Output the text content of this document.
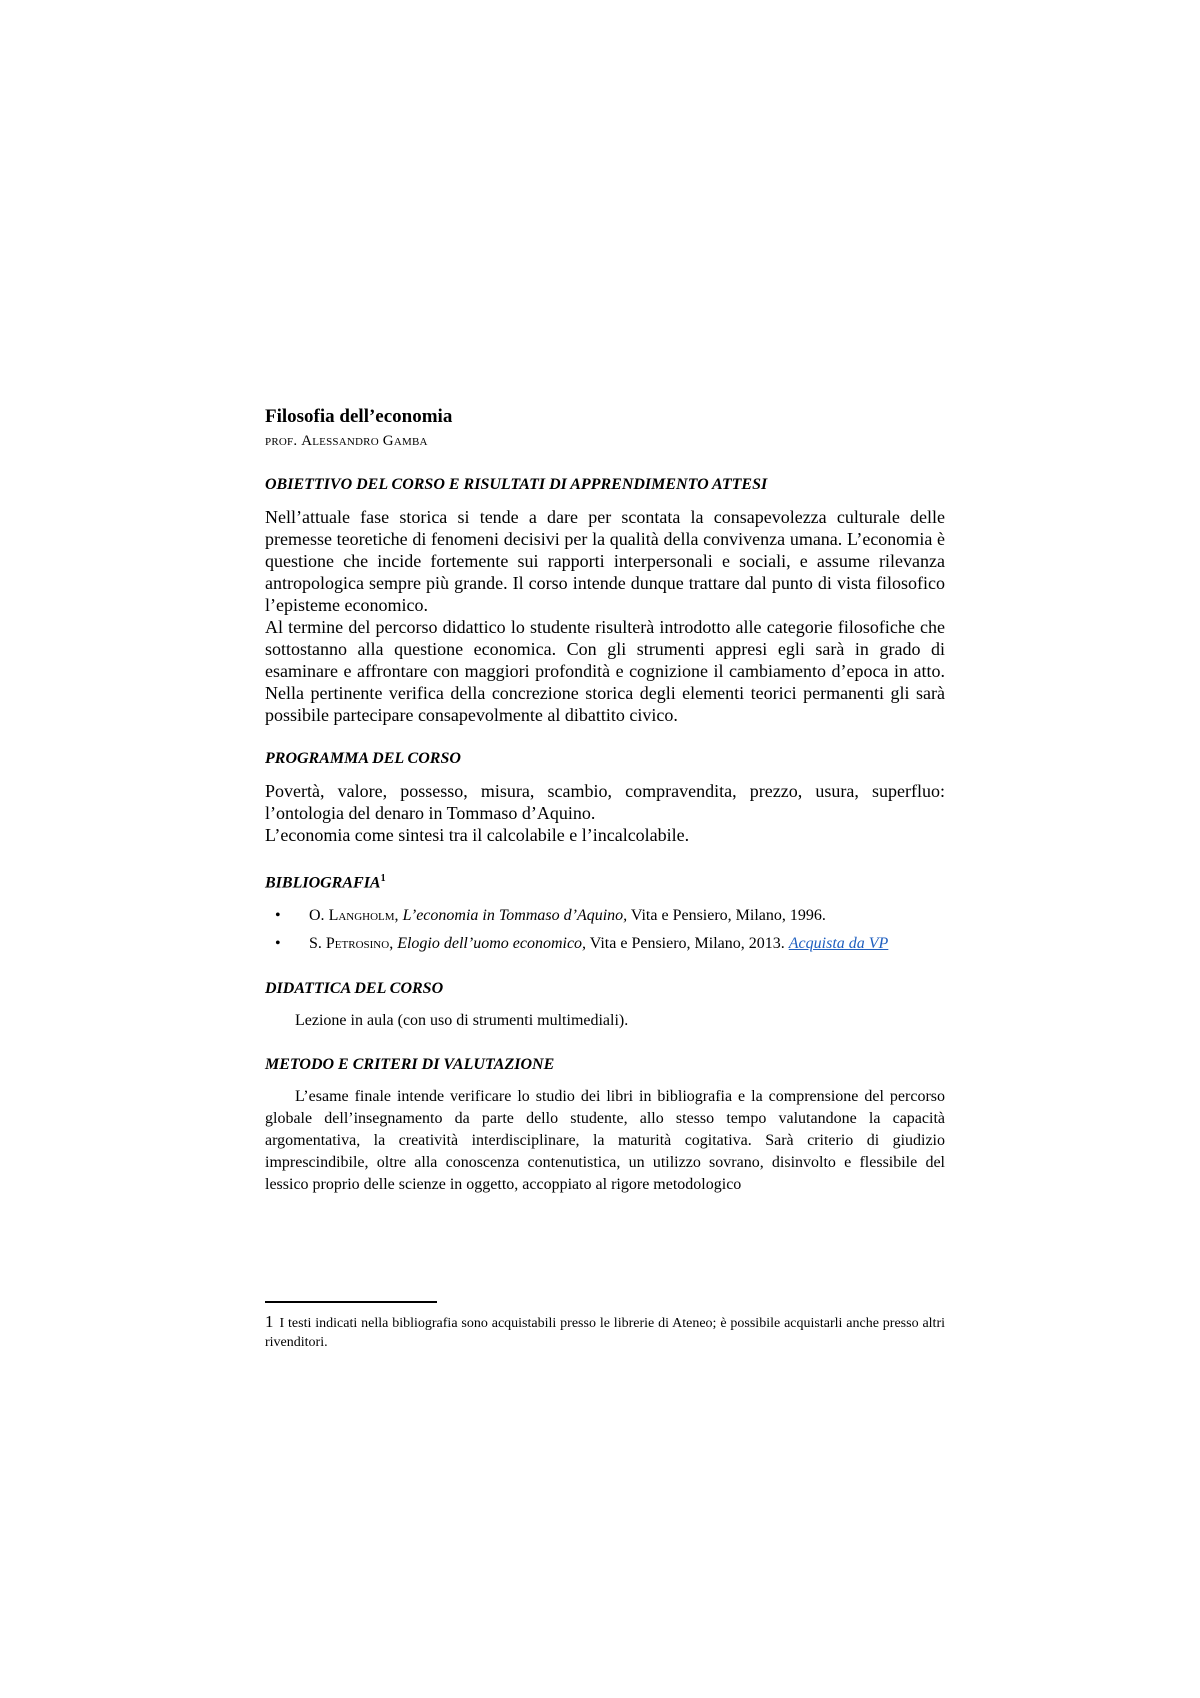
Filosofia dell’economia

prof. Alessandro Gamba

OBIETTIVO DEL CORSO E RISULTATI DI APPRENDIMENTO ATTESI

Nell’attuale fase storica si tende a dare per scontata la consapevolezza culturale delle premesse teoretiche di fenomeni decisivi per la qualità della convivenza umana. L’economia è questione che incide fortemente sui rapporti interpersonali e sociali, e assume rilevanza antropologica sempre più grande. Il corso intende dunque trattare dal punto di vista filosofico l’episteme economico.

Al termine del percorso didattico lo studente risulterà introdotto alle categorie filosofiche che sottostanno alla questione economica. Con gli strumenti appresi egli sarà in grado di esaminare e affrontare con maggiori profondità e cognizione il cambiamento d’epoca in atto. Nella pertinente verifica della concrezione storica degli elementi teorici permanenti gli sarà possibile partecipare consapevolmente al dibattito civico.

PROGRAMMA DEL CORSO

Povertà, valore, possesso, misura, scambio, compravendita, prezzo, usura, superfluo: l’ontologia del denaro in Tommaso d’Aquino.

L’economia come sintesi tra il calcolabile e l’incalcolabile.

BIBLIOGRAFIA$^1$
• O. Langholm, L’economia in Tommaso d’Aquino, Vita e Pensiero, Milano, 1996.
• S. Petrosino, Elogio dell’uomo economico, Vita e Pensiero, Milano, 2013. Acquista da VP
DIDATTICA DEL CORSO

Lezione in aula (con uso di strumenti multimediali).

METODO E CRITERI DI VALUTAZIONE

L’esame finale intende verificare lo studio dei libri in bibliografia e la comprensione del percorso globale dell’insegnamento da parte dello studente, allo stesso tempo valutandone la capacità argomentativa, la creatività interdisciplinare, la maturità cogitativa. Sarà criterio di giudizio imprescindibile, oltre alla conoscenza contenutistica, un utilizzo sovrano, disinvolto e flessibile del lessico proprio delle scienze in oggetto, accoppiato al rigore metodologico

1 I testi indicati nella bibliografia sono acquistabili presso le librerie di Ateneo; è possibile acquistarli anche presso altri rivenditori.
